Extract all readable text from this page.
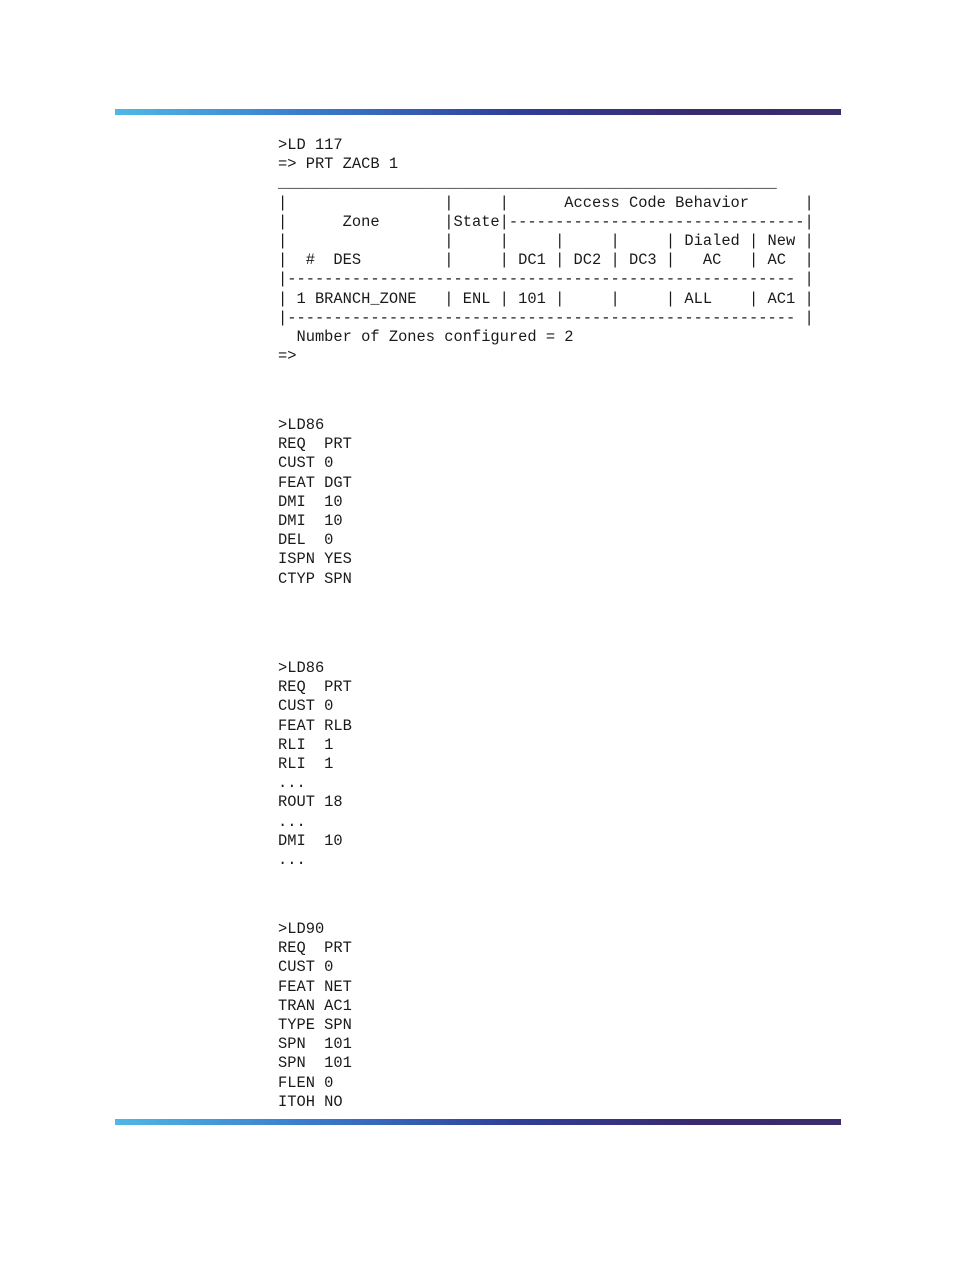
>LD 117
=> PRT ZACB 1
______________________________________________________
|                 |     |      Access Code Behavior      |
|      Zone       |State|--------------------------------|
|                 |     |     |     |     | Dialed | New |
|  #  DES         |     | DC1 | DC2 | DC3 |   AC   | AC  |
|------------------------------------------------------- |
| 1 BRANCH_ZONE   | ENL | 101 |     |     | ALL    | AC1 |
|------------------------------------------------------- |
Number of Zones configured = 2
=>
>LD86
REQ  PRT
CUST 0
FEAT DGT
DMI  10
DMI  10
DEL  0
ISPN YES
CTYP SPN
>LD86
REQ  PRT
CUST 0
FEAT RLB
RLI  1
RLI  1
...
ROUT 18
...
DMI  10
...
>LD90
REQ  PRT
CUST 0
FEAT NET
TRAN AC1
TYPE SPN
SPN  101
SPN  101
FLEN 0
ITOH NO
